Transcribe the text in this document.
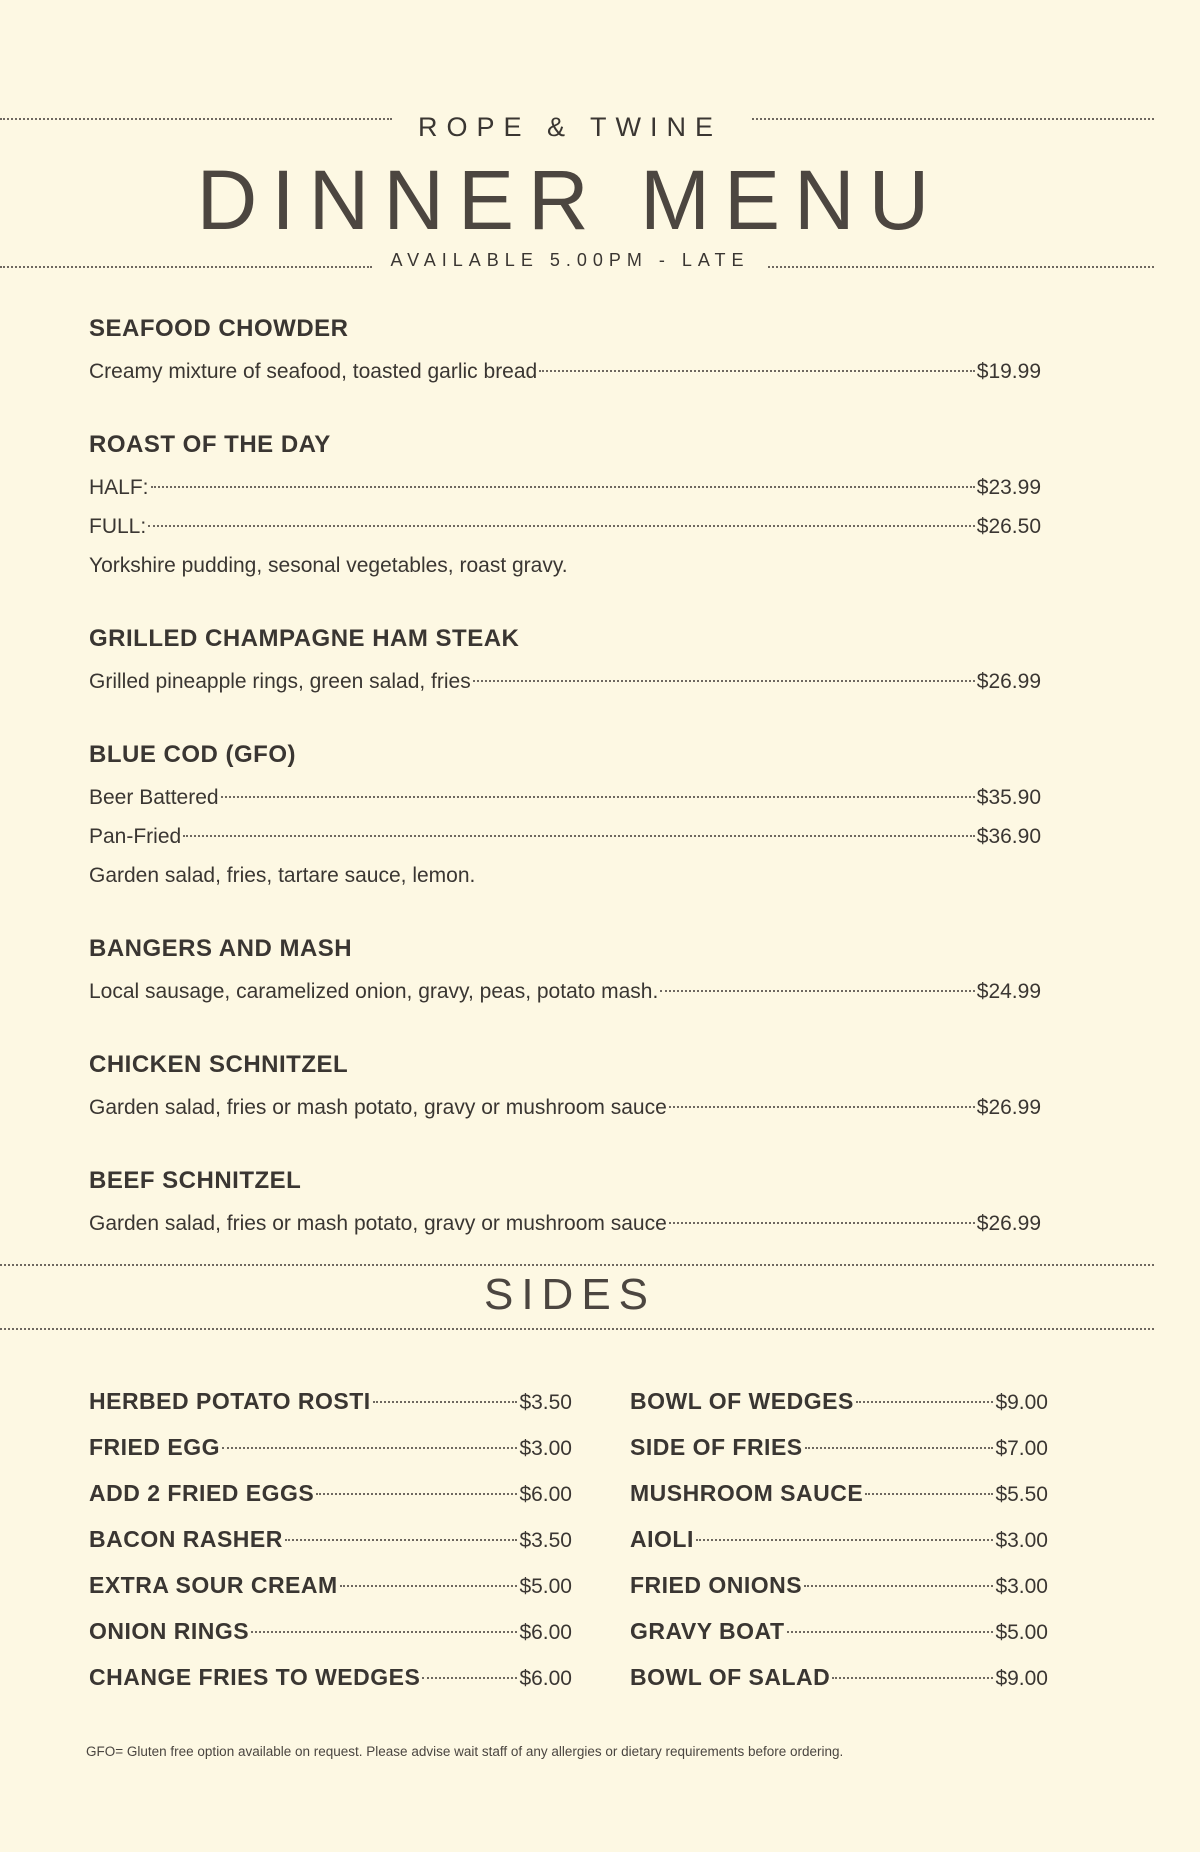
ROPE & TWINE
DINNER MENU
AVAILABLE 5.00PM - LATE
SEAFOOD CHOWDER
Creamy mixture of seafood, toasted garlic bread	$19.99
ROAST OF THE DAY
HALF:	$23.99
FULL:	$26.50
Yorkshire pudding, sesonal vegetables, roast gravy.
GRILLED CHAMPAGNE HAM STEAK
Grilled pineapple rings, green salad, fries	$26.99
BLUE COD (GFO)
Beer Battered	$35.90
Pan-Fried	$36.90
Garden salad, fries, tartare sauce, lemon.
BANGERS AND MASH
Local sausage, caramelized onion, gravy, peas, potato mash.	$24.99
CHICKEN SCHNITZEL
Garden salad, fries or mash potato, gravy or mushroom sauce	$26.99
BEEF SCHNITZEL
Garden salad, fries or mash potato, gravy or mushroom sauce	$26.99
SIDES
HERBED POTATO ROSTI	$3.50
FRIED EGG	$3.00
ADD 2 FRIED EGGS	$6.00
BACON RASHER	$3.50
EXTRA SOUR CREAM	$5.00
ONION RINGS	$6.00
CHANGE FRIES TO WEDGES	$6.00
BOWL OF WEDGES	$9.00
SIDE OF FRIES	$7.00
MUSHROOM SAUCE	$5.50
AIOLI	$3.00
FRIED ONIONS	$3.00
GRAVY BOAT	$5.00
BOWL OF SALAD	$9.00
GFO= Gluten free option available on request. Please advise wait staff of any allergies or dietary requirements before ordering.
